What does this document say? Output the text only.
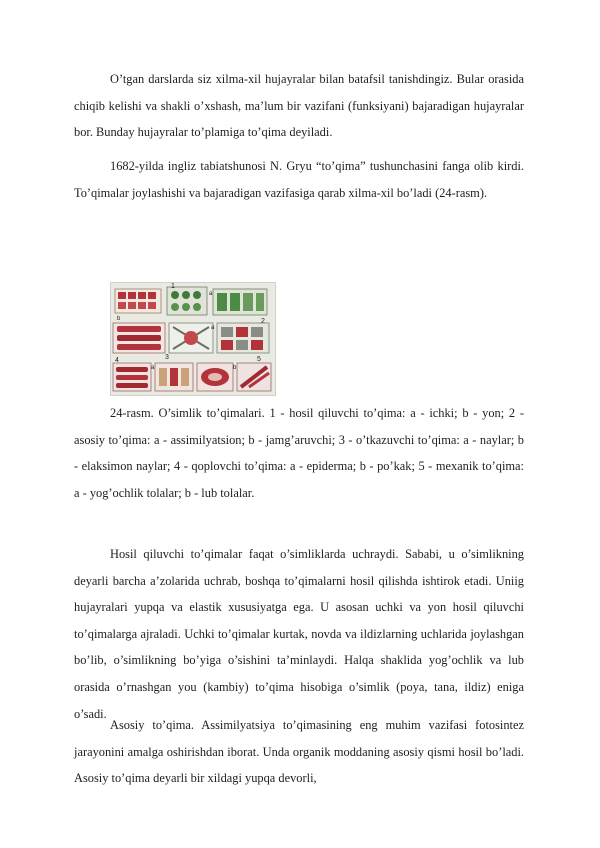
O’tgan darslarda siz xilma-xil hujayralar bilan batafsil tanishdingiz. Bular orasida chiqib kelishi va shakli o’xshash, ma’lum bir vazifani (funksiyani) bajaradigan hujayralar bor. Bunday hujayralar to’plamiga to’qima deyiladi.

1682-yilda ingliz tabiatshunosi N. Gryu “to’qima” tushunchasini fanga olib kirdi. To’qimalar joylashishi va bajaradigan vazifasiga qarab xilma-xil bo’ladi (24-rasm).

1
b
a
2
a
3
4
a	b
5

24-rasm. O’simlik to’qimalari. 1 - hosil qiluvchi to’qima: a - ichki; b - yon; 2 - asosiy to’qima: a - assimilyatsion; b - jamg’aruvchi; 3 - o’tkazuvchi to’qima: a - naylar; b - elaksimon naylar; 4 - qoplovchi to’qima: a - epiderma; b - po’kak; 5 - mexanik to’qima: a - yog’ochlik tolalar; b - lub tolalar.

Hosil qiluvchi to’qimalar faqat o’simliklarda uchraydi. Sababi, u o’simlikning deyarli barcha a’zolarida uchrab, boshqa to’qimalarni hosil qilishda ishtirok etadi. Uniig hujayralari yupqa va elastik xususiyatga ega. U asosan uchki va yon hosil qiluvchi to’qimalarga ajraladi. Uchki to’qimalar kurtak, novda va ildizlarning uchlarida joylashgan bo’lib, o’simlikning bo’yiga o’sishini ta’minlaydi. Halqa shaklida yog’ochlik va lub orasida o’rnashgan you (kambiy) to’qima hisobiga o’simlik (poya, tana, ildiz) eniga o’sadi.

Asosiy to’qima. Assimilyatsiya to’qimasining eng muhim vazifasi fotosintez jarayonini amalga oshirishdan iborat. Unda organik moddaning asosiy qismi hosil bo’ladi. Asosiy to’qima deyarli bir xildagi yupqa devorli,
